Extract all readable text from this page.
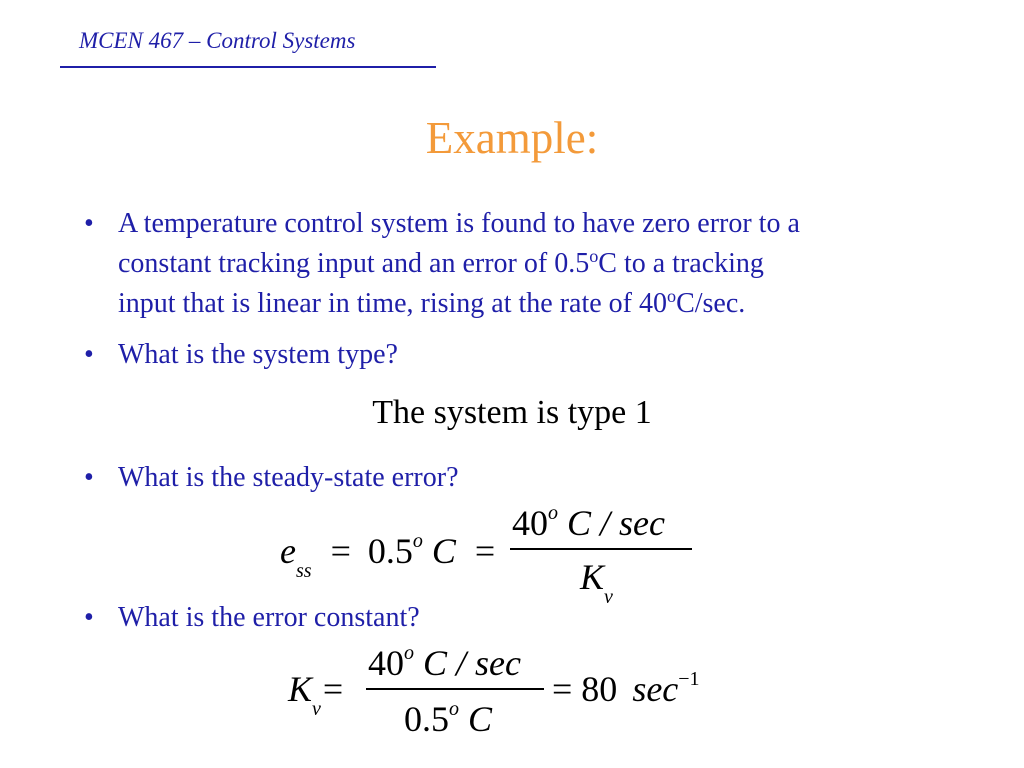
MCEN 467 – Control Systems
Example:
• A temperature control system is found to have zero error to a
constant tracking input and an error of 0.5$^o$C to a tracking
input that is linear in time, rising at the rate of 40$^o$C/sec.
• What is the system type?
• What is the steady-state error?
• What is the error constant?
The system is type 1
$e_{ss} = 0.5^o$ C =
$40^o$ C / sec
$K_v$
$K_v=$
$40^o$ C / sec
0.5$^o$ C
= 80 $\sec^{-1}$
